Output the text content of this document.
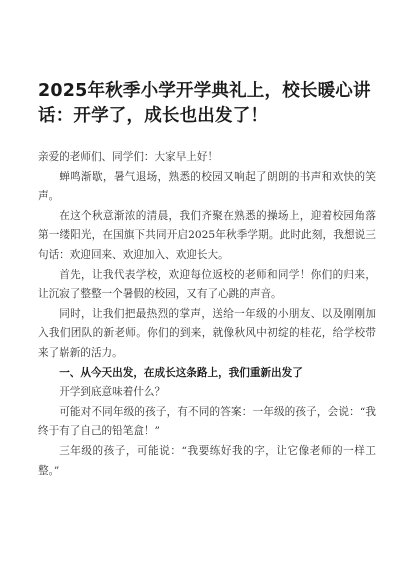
2025年秋季小学开学典礼上，校长暖心讲话：开学了，成长也出发了！

亲爱的老师们、同学们：大家早上好！

蝉鸣渐歇，暑气退场，熟悉的校园又响起了朗朗的书声和欢快的笑声。

在这个秋意渐浓的清晨，我们齐聚在熟悉的操场上，迎着校园角落第一缕阳光，在国旗下共同开启2025年秋季学期。此时此刻，我想说三句话：欢迎回来、欢迎加入、欢迎长大。

首先，让我代表学校，欢迎每位返校的老师和同学！你们的归来，让沉寂了整整一个暑假的校园，又有了心跳的声音。

同时，让我们把最热烈的掌声，送给一年级的小朋友、以及刚刚加入我们团队的新老师。你们的到来，就像秋风中初绽的桂花，给学校带来了崭新的活力。

一、从今天出发，在成长这条路上，我们重新出发了

开学到底意味着什么？

可能对不同年级的孩子，有不同的答案：一年级的孩子，会说：“我终于有了自己的铅笔盒！”

三年级的孩子，可能说：“我要练好我的字，让它像老师的一样工整。”
